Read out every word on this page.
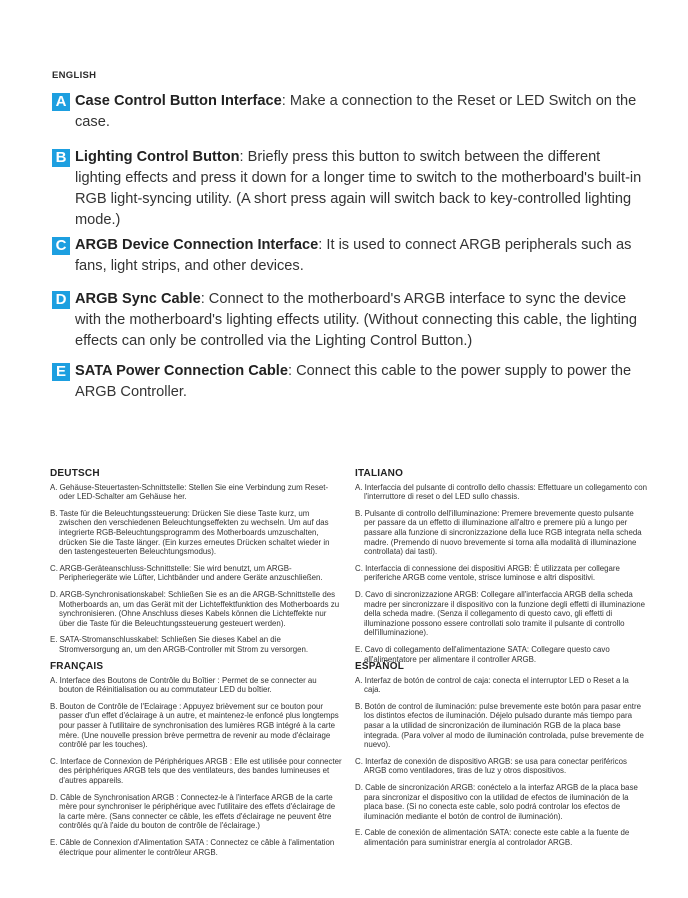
ENGLISH
A Case Control Button Interface: Make a connection to the Reset or LED Switch on the case.
B Lighting Control Button: Briefly press this button to switch between the different lighting effects and press it down for a longer time to switch to the motherboard's built-in RGB light-syncing utility. (A short press again will switch back to key-controlled lighting mode.)
C ARGB Device Connection Interface: It is used to connect ARGB peripherals such as fans, light strips, and other devices.
D ARGB Sync Cable: Connect to the motherboard's ARGB interface to sync the device with the motherboard's lighting effects utility. (Without connecting this cable, the lighting effects can only be controlled via the Lighting Control Button.)
E SATA Power Connection Cable: Connect this cable to the power supply to power the ARGB Controller.
DEUTSCH

A. Gehäuse-Steuertasten-Schnittstelle: Stellen Sie eine Verbindung zum Reset- oder LED-Schalter am Gehäuse her.

B. Taste für die Beleuchtungssteuerung: Drücken Sie diese Taste kurz, um zwischen den verschiedenen Beleuchtungseffekten zu wechseln. Um auf das integrierte RGB-Beleuchtungsprogramm des Motherboards umzuschalten, drücken Sie die Taste länger. (Ein kurzes erneutes Drücken schaltet wieder in den tastengesteuerten Beleuchtungsmodus).

C. ARGB-Geräteanschluss-Schnittstelle: Sie wird benutzt, um ARGB-Peripheriegeräte wie Lüfter, Lichtbänder und andere Geräte anzuschließen.

D. ARGB-Synchronisationskabel: Schließen Sie es an die ARGB-Schnittstelle des Motherboards an, um das Gerät mit der Lichteffektfunktion des Motherboards zu synchronisieren. (Ohne Anschluss dieses Kabels können die Lichteffekte nur über die Taste für die Beleuchtungssteuerung gesteuert werden).

E. SATA-Stromanschlusskabel: Schließen Sie dieses Kabel an die Stromversorgung an, um den ARGB-Controller mit Strom zu versorgen.

ITALIANO

A. Interfaccia del pulsante di controllo dello chassis: Effettuare un collegamento con l'interruttore di reset o del LED sullo chassis.

B. Pulsante di controllo dell'illuminazione: Premere brevemente questo pulsante per passare da un effetto di illuminazione all'altro e premere più a lungo per passare alla funzione di sincronizzazione della luce RGB integrata nella scheda madre. (Premendo di nuovo brevemente si torna alla modalità di illuminazione controllata) dai tasti).

C. Interfaccia di connessione dei dispositivi ARGB: È utilizzata per collegare periferiche ARGB come ventole, strisce luminose e altri dispositivi.

D. Cavo di sincronizzazione ARGB: Collegare all'interfaccia ARGB della scheda madre per sincronizzare il dispositivo con la funzione degli effetti di illuminazione della scheda madre. (Senza il collegamento di questo cavo, gli effetti di illuminazione possono essere controllati solo tramite il pulsante di controllo dell'illuminazione).

E. Cavo di collegamento dell'alimentazione SATA: Collegare questo cavo all'alimentatore per alimentare il controller ARGB.

FRANÇAIS

A. Interface des Boutons de Contrôle du Boîtier : Permet de se connecter au bouton de Réinitialisation ou au commutateur LED du boîtier.

B. Bouton de Contrôle de l'Eclairage : Appuyez brièvement sur ce bouton pour passer d'un effet d'éclairage à un autre, et maintenez-le enfoncé plus longtemps pour passer à l'utilitaire de synchronisation des lumières RGB intégré à la carte mère. (Une nouvelle pression brève permettra de revenir au mode d'éclairage contrôlé par les touches).

C. Interface de Connexion de Périphériques ARGB : Elle est utilisée pour connecter des périphériques ARGB tels que des ventilateurs, des bandes lumineuses et d'autres appareils.

D. Câble de Synchronisation ARGB : Connectez-le à l'interface ARGB de la carte mère pour synchroniser le périphérique avec l'utilitaire des effets d'éclairage de la carte mère. (Sans connecter ce câble, les effets d'éclairage ne peuvent être contrôlés qu'à l'aide du bouton de contrôle de l'éclairage.)

E. Câble de Connexion d'Alimentation SATA : Connectez ce câble à l'alimentation électrique pour alimenter le contrôleur ARGB.

ESPAÑOL

A. Interfaz de botón de control de caja: conecta el interruptor LED o Reset a la caja.

B. Botón de control de iluminación: pulse brevemente este botón para pasar entre los distintos efectos de iluminación. Déjelo pulsado durante más tiempo para pasar a la utilidad de sincronización de iluminación RGB de la placa base integrada. (Para volver al modo de iluminación controlada, pulse brevemente de nuevo).

C. Interfaz de conexión de dispositivo ARGB: se usa para conectar periféricos ARGB como ventiladores, tiras de luz y otros dispositivos.

D. Cable de sincronización ARGB: conéctelo a la interfaz ARGB de la placa base para sincronizar el dispositivo con la utilidad de efectos de iluminación de la placa base. (Si no conecta este cable, solo podrá controlar los efectos de iluminación mediante el botón de control de iluminación).

E. Cable de conexión de alimentación SATA: conecte este cable a la fuente de alimentación para suministrar energía al controlador ARGB.
